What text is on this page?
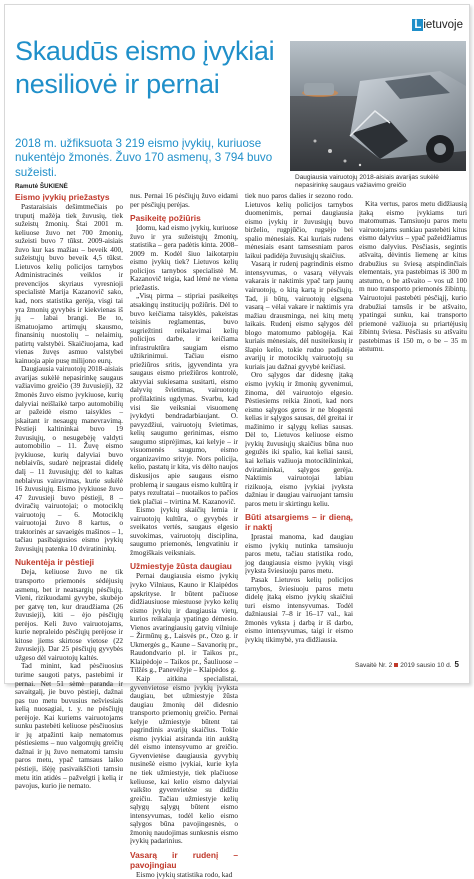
L ietuvoje
Skaudūs eismo įvykiai nesiliovė ir pernai
2018 m. užfiksuota 3 219 eismo įvykių, kuriuose nukentėjo žmonės. Žuvo 170 asmenų, 3 794 buvo sužeisti.	Daugiausia vairuotojų 2018-aisiais avarijas sukėlė nepasirinkę saugaus važiavimo greičio
Ramutė ŠUKIENĖ
Eismo įvykių priežastys

Pastaraisiais dešimtmečiais po truputį mažėja tiek žuvusių, tiek sužeistų žmonių. Štai 2001 m. keliuose žuvo net 700 žmonių, sužeisti buvo 7 tūkst. 2009-aisiais žuvo kur kas mažiau – beveik 400, sužeistųjų buvo beveik 4,5 tūkst. Lietuvos kelių policijos tarnybos Administracinės veiklos ir prevencijos skyriaus vyresnioji specialistė Marija Kazanovič sako, kad, nors statistika gerėja, visgi tai yra žmonių gyvybės ir kiekvienas iš jų – labai brangi. Be to, išmatuojamo artimųjų skausmo, finansinių nuostolių – nelaimių, patirtų valstybėi. Skaičiuojama, kad vienas žuvęs asmuo valstybei kainuoja apie pusę milijono eurų.

Daugiausia vairuotojų 2018-aisiais avarijas sukėlė nepasirinkę saugaus važiavimo greičio (39 žuvusieji), 32 žmonės žuvo eismo įvykiuose, kurių dalyviai neišlaikė tarpo automobilių ar pažeidė eismo taisykles – įskaitant ir nesaugų manevravimą. Pėstieji kaltininkai buvo 19 žuvusiųjų, o nesugebėję valdyti automobilio – 11. Žuvę eismo įvykiuose, kurių dalyviai buvo neblaivūs, sudarė neįprastai didelę dalį – 11 žuvusiųjų; dėl to kaltas neblaivus vairavimas, kurie sukėlė 16 žuvusiųjų. Eismo įvykiuose žuvo 47 žuvusieji buvo pėstieji, 8 – dviračių vairuotojai; o motociklų vairuotojų – 6. Motociklų vairuotojai žuvo 8 kartus, o traktorinės ar savaeigės mašinos – 1, tačiau pasibaigusios eismo įvykių žuvusiųjų patenka 10 dviratininkų.

Nukentėja ir pėstieji

Deja, keliuose žuvo ne tik transporto priemonės sėdėjusių asmenų, bet ir neatsargių pėsčiųjų. Vieni, rizikuodami gyvybe, skubėjo per gatvę ten, kur draudžiama (26 žuvusieji), kiti – ėjo pėsčiųjų perėjos. Keli žuvo vairuotojams, kurie nepraleido pėsčiųjų perėjose ir kitose jiems skirtose vietose (22 žuvusieji). Dar 25 pėsčiųjų gyvybės užgeso dėl vairuotojų kaltės.

Tad minint, kad pėsčiuosius turime saugoti patys, pastebimi ir pernai. Net 51 sėmė paranda ir savaitgalį, jie buvo pėstieji, dažnai pas tuo metu buvusius nešviesiais kelią nuosagiai, t. y. ne pėsčiųjų perėjoje. Kai kuriems vairuotojams sunku pastebėti keliuose pėsčiuosius ir jų atpažinti kaip nematomus pėstiesiems – nuo valgomųjų greičių dažnai ir jų žuvo nematomi tamsiu paros metu, ypač tamsaus laiko pėstieji, išėję pasivaikščioti tamsiu metu itin atidės – pažvelgti į kelią ir pavojus, kurio jie nemato.

nus. Pernai 16 pėsčiųjų žuvo eidami per pėsčiųjų perėjas.

Pasikeitę požiūris

Įdomu, kad eismo įvykių, kuriuose žuvo ir yra sužeistųjų žmonių, statistika – gera padėtis kinta. 2008–2009 m. Kodėl šiuo laikotarpiu eismo įvykių tiek? Lietuvos kelių policijos tarnybos specialistė M. Kazanovič teigia, kad lėmė ne viena priežastis.

„Visų pirma – stipriai pasikeitęs atsakingų institucijų požiūris. Dėl to buvo keičiama taisyklės, pakeistas teisinis reglamentas, buvo sugriežtinti reikalavimai kelių policijos darbe, ir keičiama infrastruktūra saugiam eismo užtikrinimui. Tačiau eismo priežiūros sritis, įgyvendinta yra saugaus eismo priežiūros kontrolė, aktyviai sukiesama susitarti, eismo dalyvių švietimas, vairuotojų profilaktinis ugdymas. Svarbu, kad visi šie veiksniai visuomenę įvykdyti bendradarbiaujant. O. pavyzdžiui, vairuotojų švietimas, kelių saugumo gerinimas, eismo saugumo stiprėjimas, kai kelyje – ir visuomenės saugumo, eismo organizavimo srityje. Nors policija, kelio, pastatų ir kita, vis dėlto naujos diskusijos apie saugaus eismo problemą ir saugaus eismo kultūrą ir patys rezultatai – nuotaikos to pačios tiek plačiai – tvirtina M. Kazanovič.

Eismo įvykių skaičių lemia ir vairuotojų kultūra, o gyvybės ir sveikatos vertės, saugaus elgesio suvokimas, vairuotojų disciplina, saugumo priemonės, lengvatiniu ir žmogiškais veiksniais.

Užmiestyje žūsta daugiau

Pernai daugiausia eismo įvykių įvyko Vilniaus, Kauno ir Klaipėdos apskrityse. Ir būtent pačiuose didžiausiuose miestuose įvyko kelių eismo įvykių ir daugiausia vietų, kurios reikalauja ypatingo dėmesio. Vienos avaringiausių gatvių vilniuje – Žirmūnų g., Laisvės pr., Ozo g. ir Ukmergės g., Kaune – Savanorių pr., Raudondvario pl. ir Taikos pr., Klaipėdoje – Taikos pr., Šauliuose – Tilžės g., Panevėžyje – Klaipėdos g.

Kaip aitkina specialistai, gyvenvietose eismo įvykių įvyksta daugiau, bet užmiestyje žūsta daugiau žmonių dėl didesnio transporto priemonių greičio. Pernai kelyje užmiestyje būtent tai pagrindinis avarijų skaičius. Tokie eismo įvykiai atsiranda itin aukštą dėl eismo intensyvumo ar greičio. Gyvenvietėse daugiausia gyvybių nusinešė eismo įvykiai, kurie kyla ne tiek užmiestyje, tiek plačiuose keliuose, kai kelio eismo dalyviai vaikšto gyvenvietėse su didžiu greičiu. Tačiau užmiestyje kelių sąlygų sąlygų būtent eismo intensyvumas, todėl kelio eismo sąlygos būna pavojingesnės, o žmonių naudojimas sunkesnis eismo įvykių padarinius.

Vasarą ir rudenį – pavojingiau

Eismo įvykių statistika rodo, kad

tiek nuo paros dalies ir sezono rodo. Lietuvos kelių policijos tarnybos duomenimis, pernai daugiausia eismo įvykių ir žuvusiųjų buvo birželio, rugpjūčio, rugsėjo bei spalio mėnesiais. Kai kuriais rudens mėnesiais esant tamsesniam paros laikui padidėja žuvusiųjų skaičius.

Vasarą ir rudenį pagrindinis eismo intensyvumas, o vasarą vėlyvais vakarais ir naktimis ypač tarp jaunų vairuotojų, o kitą kartą ir pėsčiųjų. Tad, ji būtų, vairuotojų elgsena vasarą – vėlai vakare ir naktimis yra mažiau drausminga, nei kitų metų laikais. Rudenį eismo sąlygos dėl blogo matomumo pablogėja. Kai kuriais mėnesiais, dėl nusiteikusių ir šlapio kelio, tokie ruduo padidėja avarijų ir motociklų vairuotojų su kuriais jau dažnai gyvybė keičiasi.

Oro sąlygos dar didesnę įtaką eismo įvykių ir žmonių gyvenimui, žinoma, dėl vairuotojo elgesio. Pėstiesiems reikia žinoti, kad nors eismo sąlygos geros ir ne blogesni kelias ir sąlygos sausas, dėl greitai ir mažinimo ir sąlygų kelias sausas. Dėl to, Lietuvos keliuose eismo įvykių žuvusiųjų skaičius būna nuo gegužės iki spalio, kai keliai sausi, kai keliais važiuoja motociklininkai, dviratininkai, sąlygos gerėja. Naktimis vairuotojai labiau rizikuoja, eismo įvykiai įvyksta dažniau ir daugiau vairuojant tamsiu paros metu ir skirtingu keliu.

Būti atsargiems – ir dieną, ir naktį

Įprastai manoma, kad daugiau eismo įvykių nutinka tamsiuoju paros metu, tačiau statistika rodo, jog daugiausia eismo įvykių visgi įvyksta šviesiuoju paros metu.

Pasak Lietuvos kelių policijos tarnybos, šviesiuoju paros metu didelę įtaką eismo įvykių skaičiui turi eismo intensyvumas. Todėl dažniausiai 7–8 ir 16–17 val., kai žmonės vyksta į darbą ir iš darbo, eismo intensyvumas, taigi ir eismo įvykių tikimybė, yra didžiausia.

Savaitė Nr. 2 2019 sausio 10 d. 5

Kita vertus, paros metu didžiausią įtaką eismo įvykiams turi matomumas. Tamsiuoju paros metu vairuotojams sunkiau pastebėti kitus eismo dalyvius – ypač pažeidžiamus eismo dalyvius. Pėsčiasis, segintis atšvaitą, dėvintis liemenę ar kitus drabužius su šviesą atspindinčiais elementais, yra pastebimas iš 300 m atstumo, o be atšvaito – vos už 100 m nuo transporto priemonės žibintų. Vairuotojui pastebėti pėsčiąjį, kurio drabužiai tamsūs ir be atšvaito, ypatingai sunku, kai transporto priemonė važiuoja su priartėjusių žibintų šviesa. Pėsčiasis su atšvaitu pastebimas iš 150 m, o be – 35 m atstumu.
